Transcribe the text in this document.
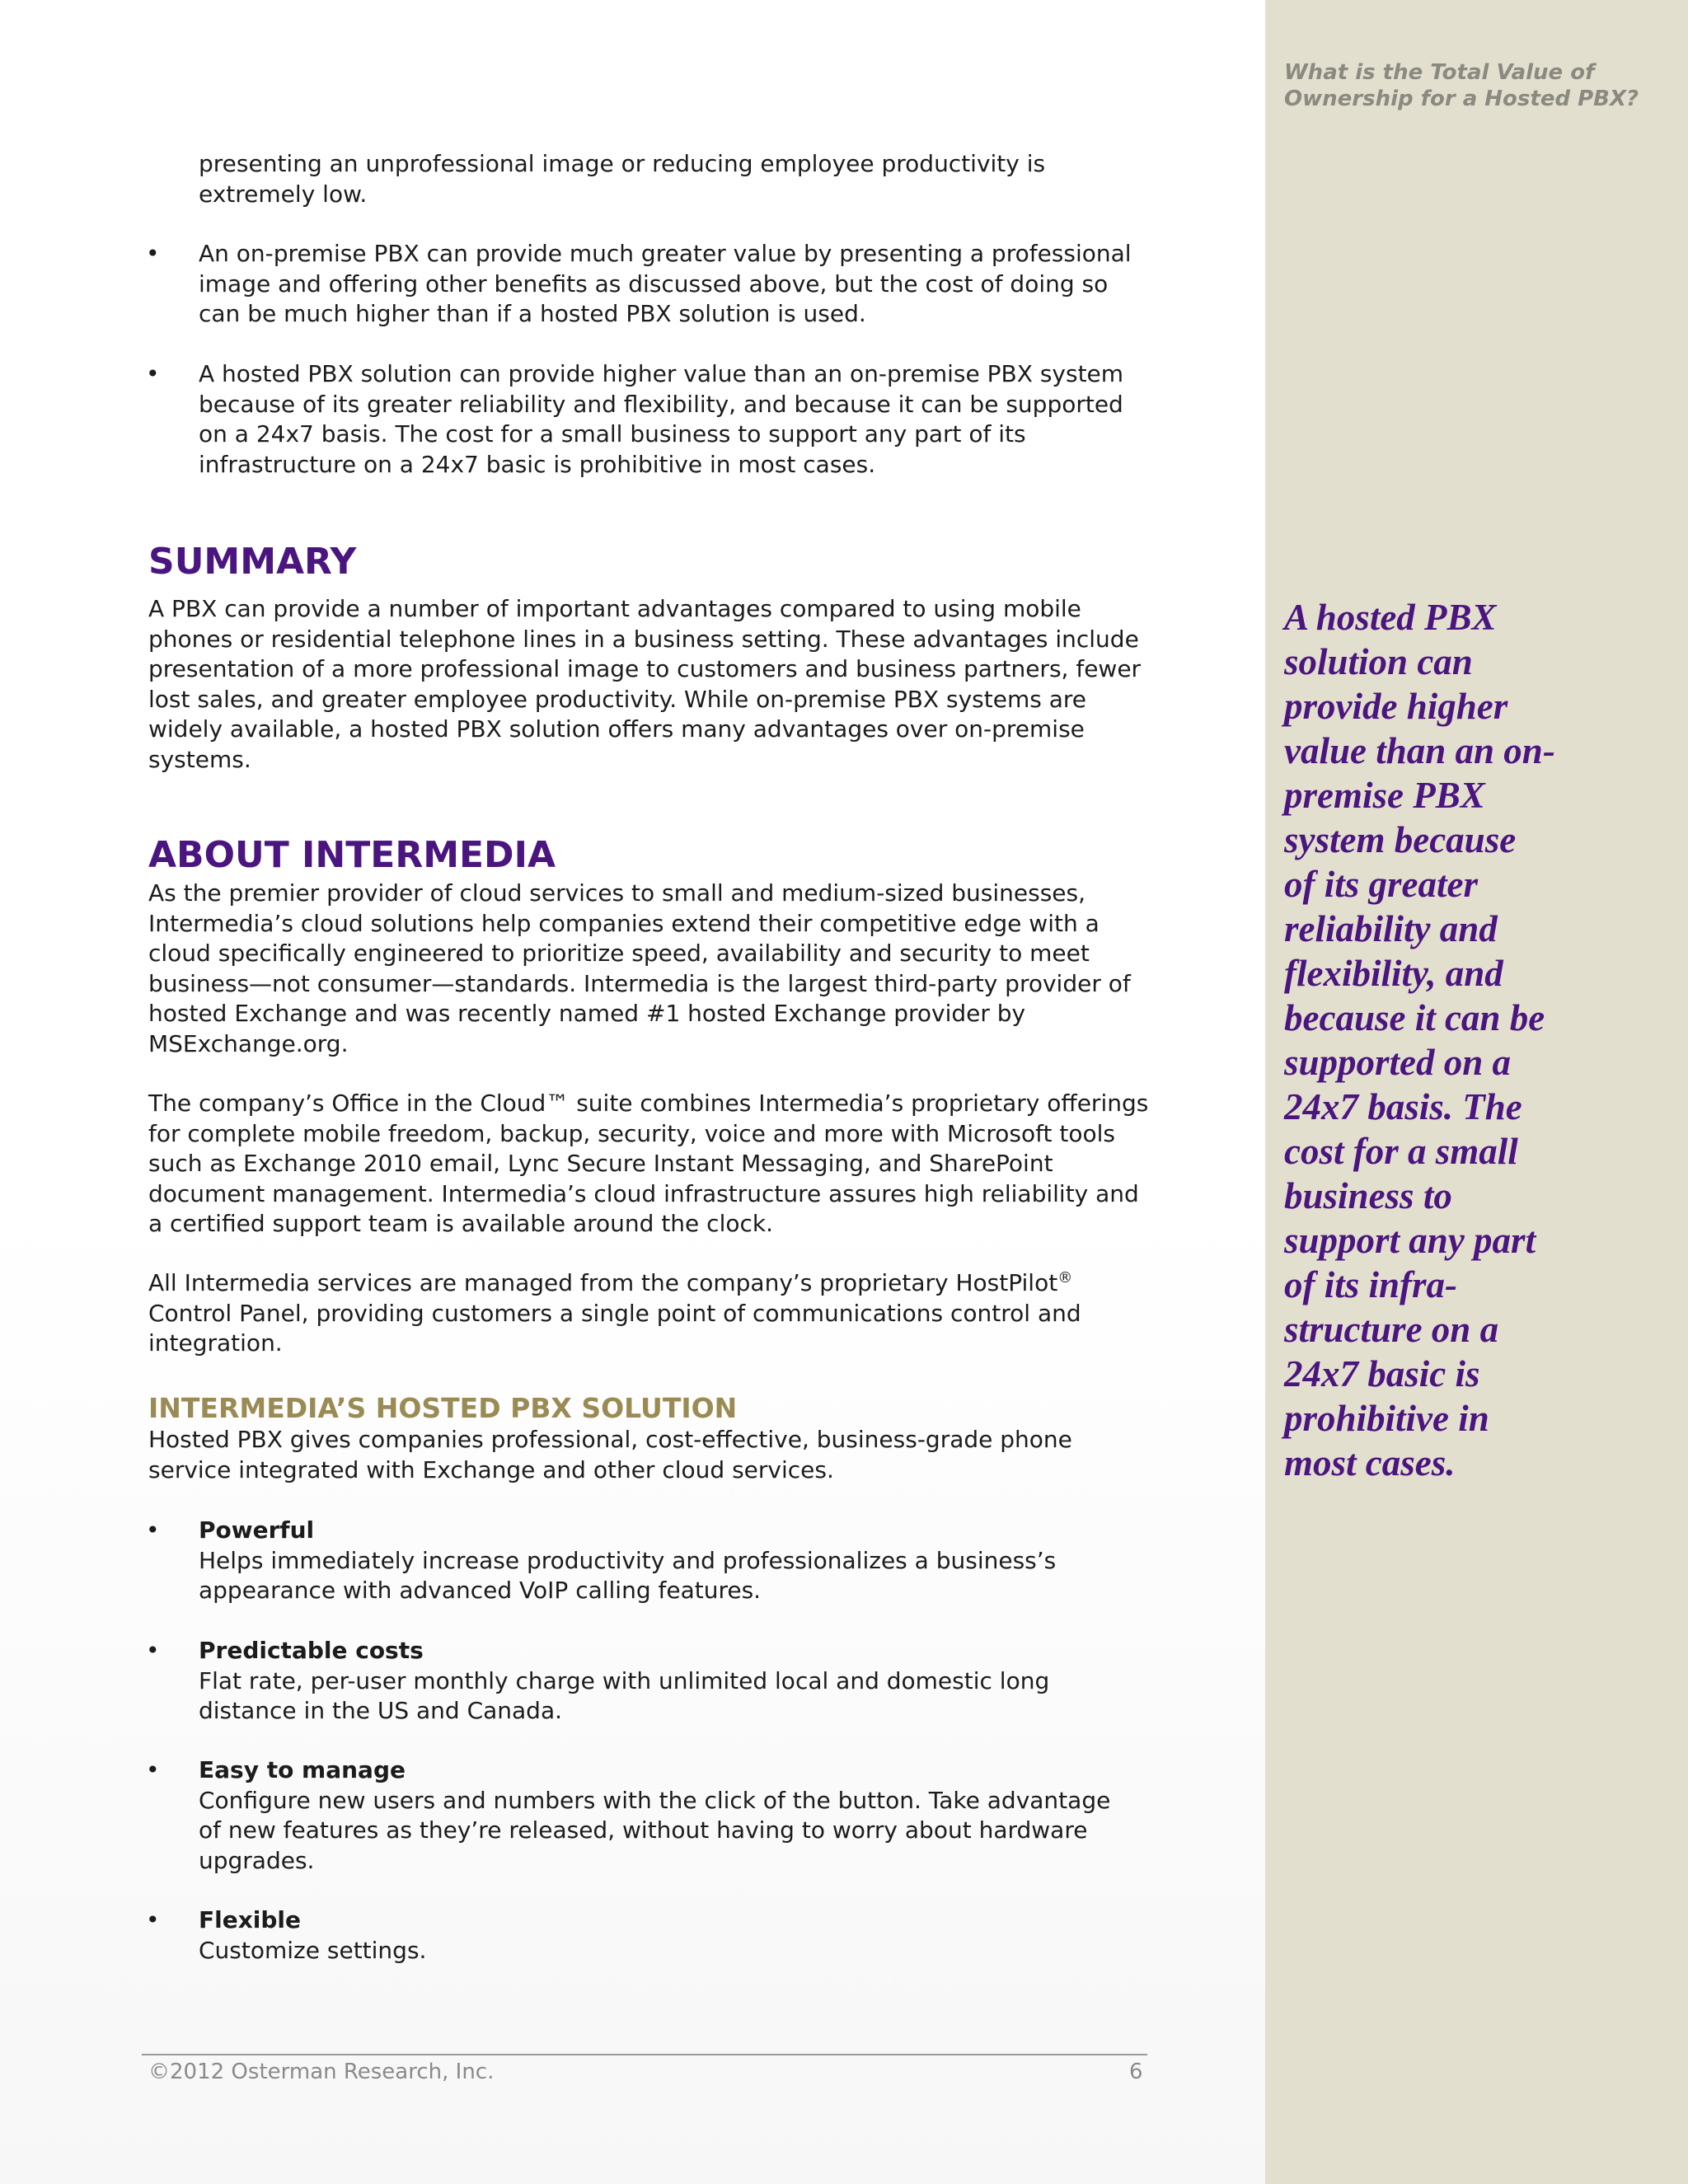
What is the Total Value of
Ownership for a Hosted PBX?
A hosted PBX
solution can
provide higher
value than an on-
premise PBX
system because
of its greater
reliability and
flexibility, and
because it can be
supported on a
24x7 basis. The
cost for a small
business to
support any part
of its infra-
structure on a
24x7 basic is
prohibitive in
most cases.
presenting an unprofessional image or reducing employee productivity is
extremely low.
• An on-premise PBX can provide much greater value by presenting a professional
image and offering other benefits as discussed above, but the cost of doing so
can be much higher than if a hosted PBX solution is used.
• A hosted PBX solution can provide higher value than an on-premise PBX system
because of its greater reliability and flexibility, and because it can be supported
on a 24x7 basis. The cost for a small business to support any part of its
infrastructure on a 24x7 basic is prohibitive in most cases.
SUMMARY
A PBX can provide a number of important advantages compared to using mobile
phones or residential telephone lines in a business setting. These advantages include
presentation of a more professional image to customers and business partners, fewer
lost sales, and greater employee productivity. While on-premise PBX systems are
widely available, a hosted PBX solution offers many advantages over on-premise
systems.
ABOUT INTERMEDIA
As the premier provider of cloud services to small and medium-sized businesses,
Intermedia’s cloud solutions help companies extend their competitive edge with a
cloud specifically engineered to prioritize speed, availability and security to meet
business—not consumer—standards. Intermedia is the largest third-party provider of
hosted Exchange and was recently named #1 hosted Exchange provider by
MSExchange.org.
The company’s Office in the Cloud™ suite combines Intermedia’s proprietary offerings
for complete mobile freedom, backup, security, voice and more with Microsoft tools
such as Exchange 2010 email, Lync Secure Instant Messaging, and SharePoint
document management. Intermedia’s cloud infrastructure assures high reliability and
a certified support team is available around the clock.
All Intermedia services are managed from the company’s proprietary HostPilot®
Control Panel, providing customers a single point of communications control and
integration.
INTERMEDIA’S HOSTED PBX SOLUTION
Hosted PBX gives companies professional, cost-effective, business-grade phone
service integrated with Exchange and other cloud services.
• Powerful
Helps immediately increase productivity and professionalizes a business’s
appearance with advanced VoIP calling features.
• Predictable costs
Flat rate, per-user monthly charge with unlimited local and domestic long
distance in the US and Canada.
• Easy to manage
Configure new users and numbers with the click of the button. Take advantage
of new features as they’re released, without having to worry about hardware
upgrades.
• Flexible
Customize settings.
©2012 Osterman Research, Inc.	6
